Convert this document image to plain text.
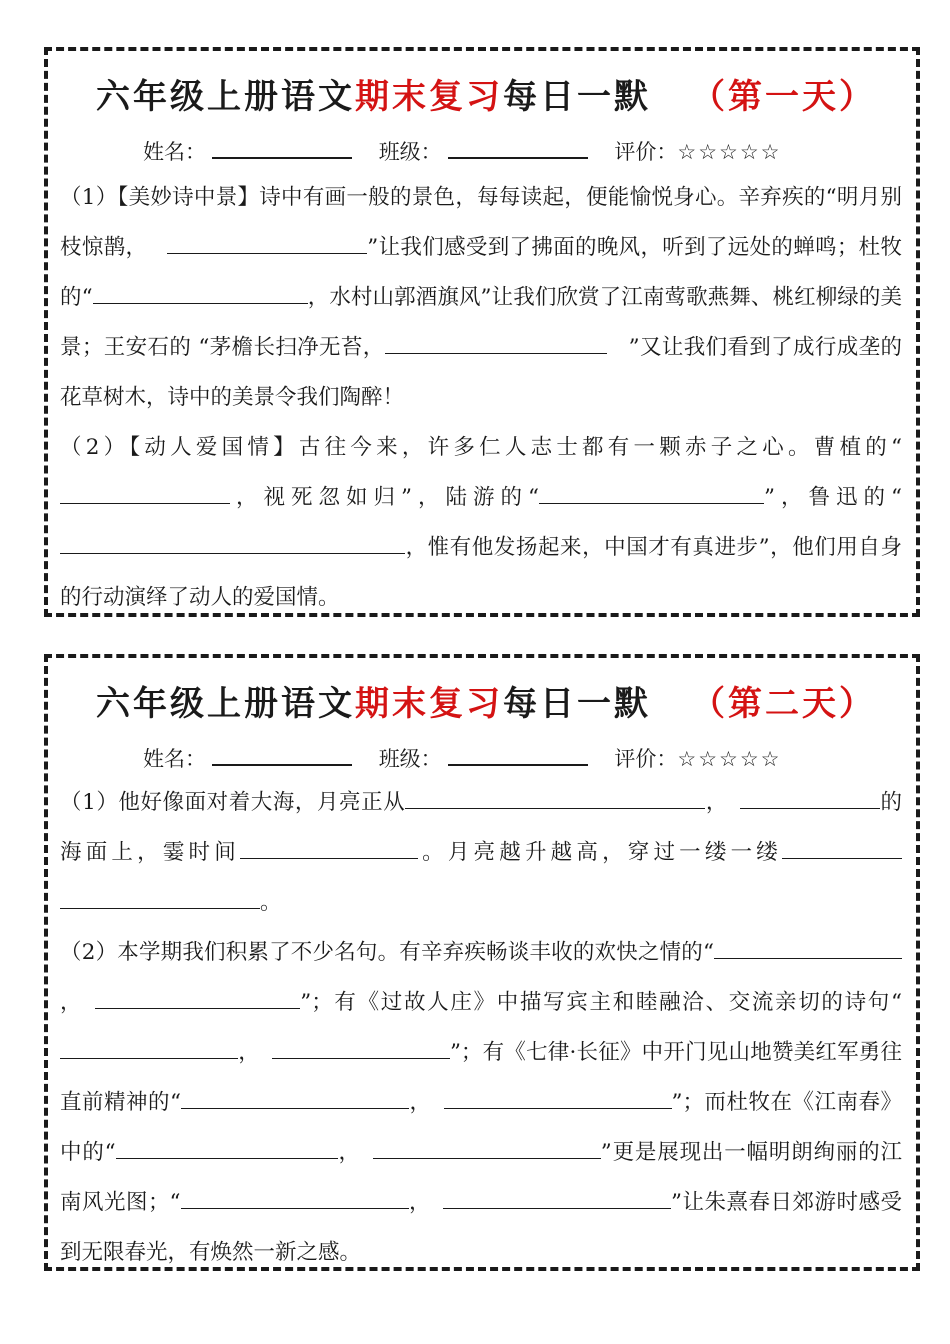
六年级上册语文期末复习每日一默 （第一天）
姓名：	班级：	评价：☆☆☆☆☆

（1）【美妙诗中景】诗中有画一般的景色，每每读起，便能愉悦身心。辛弃疾的“明月别枝惊鹊，	”让我们感受到了拂面的晚风，听到了远处的蝉鸣；杜牧的“	，水村山郭酒旗风”让我们欣赏了江南莺歌燕舞、桃红柳绿的美景；王安石的 “茅檐长扫净无苔，	”又让我们看到了成行成垄的花草树木，诗中的美景令我们陶醉！

（2）【动人爱国情】古往今来，许多仁人志士都有一颗赤子之心。曹植的“，视死忽如归”，陆游的“	”，鲁迅的“，惟有他发扬起来，中国才有真进步”，他们用自身的行动演绎了动人的爱国情。

六年级上册语文期末复习每日一默 （第二天）
姓名：	班级：	评价：☆☆☆☆☆

（1）他好像面对着大海，月亮正从	，	的海面上，霎时间	。月亮越升越高，穿过一缕一缕。

（2）本学期我们积累了不少名句。有辛弃疾畅谈丰收的欢快之情的“，	”；有《过故人庄》中描写宾主和睦融洽、交流亲切的诗句“，	”；有《七律·长征》中开门见山地赞美红军勇往直前精神的“	，	”；而杜牧在《江南春》中的“	，	”更是展现出一幅明朗绚丽的江南风光图；“	，	”让朱熹春日郊游时感受到无限春光，有焕然一新之感。
